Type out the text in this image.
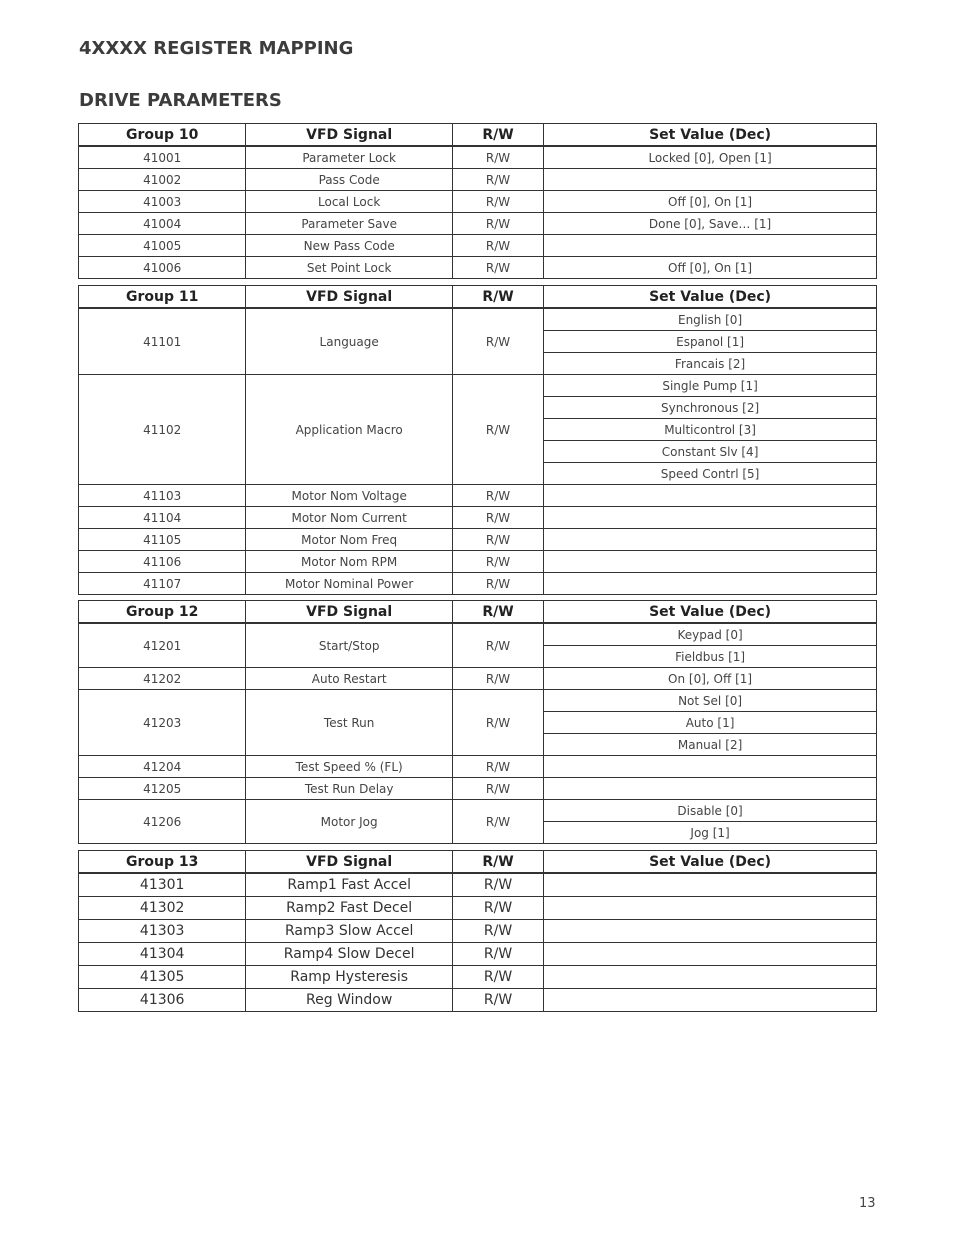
4XXXX REGISTER MAPPING
DRIVE PARAMETERS
Group 10	VFD Signal	R/W	Set Value (Dec)
41001	Parameter Lock	R/W	Locked [0], Open [1]
41002	Pass Code	R/W	
41003	Local Lock	R/W	Off [0], On [1]
41004	Parameter Save	R/W	Done [0], Save… [1]
41005	New Pass Code	R/W	
41006	Set Point Lock	R/W	Off [0], On [1]
Group 11	VFD Signal	R/W	Set Value (Dec)
41101	Language	R/W	English [0]
			Espanol [1]
			Francais [2]
41102	Application Macro	R/W	Single Pump [1]
			Synchronous [2]
			Multicontrol [3]
			Constant Slv [4]
			Speed Contrl [5]
41103	Motor Nom Voltage	R/W	
41104	Motor Nom Current	R/W	
41105	Motor Nom Freq	R/W	
41106	Motor Nom RPM	R/W	
41107	Motor Nominal Power	R/W	
Group 12	VFD Signal	R/W	Set Value (Dec)
41201	Start/Stop	R/W	Keypad [0]
			Fieldbus [1]
41202	Auto Restart	R/W	On [0], Off [1]
41203	Test Run	R/W	Not Sel [0]
			Auto [1]
			Manual [2]
41204	Test Speed % (FL)	R/W	
41205	Test Run Delay	R/W	
41206	Motor Jog	R/W	Disable [0]
			Jog [1]
Group 13	VFD Signal	R/W	Set Value (Dec)
41301	Ramp1 Fast Accel	R/W	
41302	Ramp2 Fast Decel	R/W	
41303	Ramp3 Slow Accel	R/W	
41304	Ramp4 Slow Decel	R/W	
41305	Ramp Hysteresis	R/W	
41306	Reg Window	R/W	
13
